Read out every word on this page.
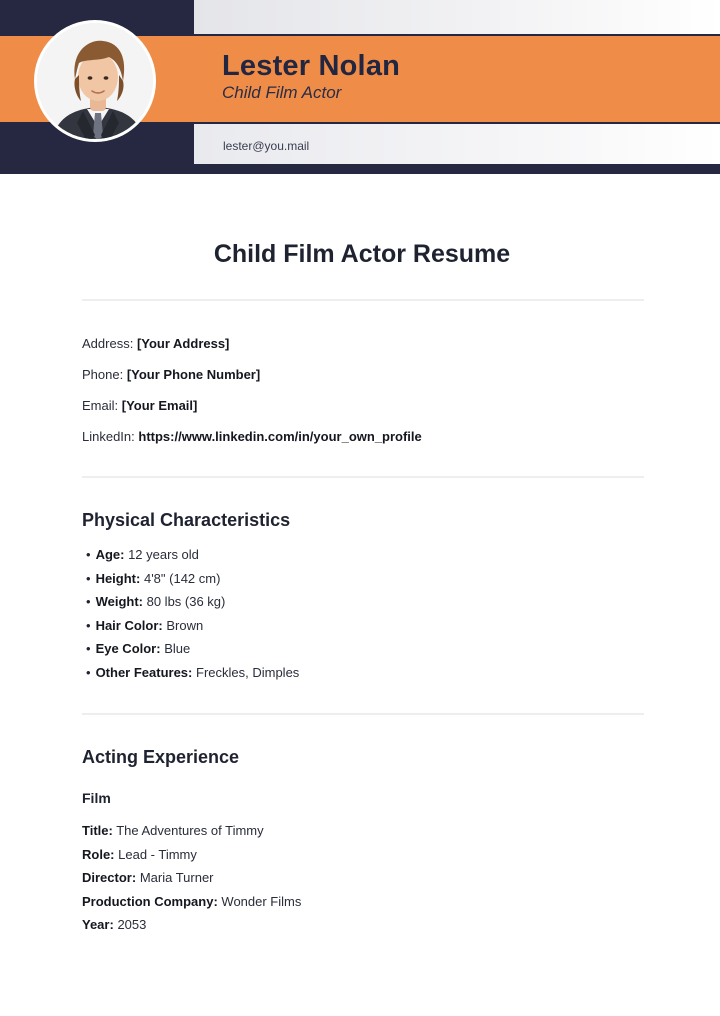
Lester Nolan
Child Film Actor
lester@you.mail
Child Film Actor Resume
Address: [Your Address]
Phone: [Your Phone Number]
Email: [Your Email]
LinkedIn: https://www.linkedin.com/in/your_own_profile
Physical Characteristics
• Age: 12 years old
• Height: 4'8" (142 cm)
• Weight: 80 lbs (36 kg)
• Hair Color: Brown
• Eye Color: Blue
• Other Features: Freckles, Dimples
Acting Experience
Film
Title: The Adventures of Timmy
Role: Lead - Timmy
Director: Maria Turner
Production Company: Wonder Films
Year: 2053
